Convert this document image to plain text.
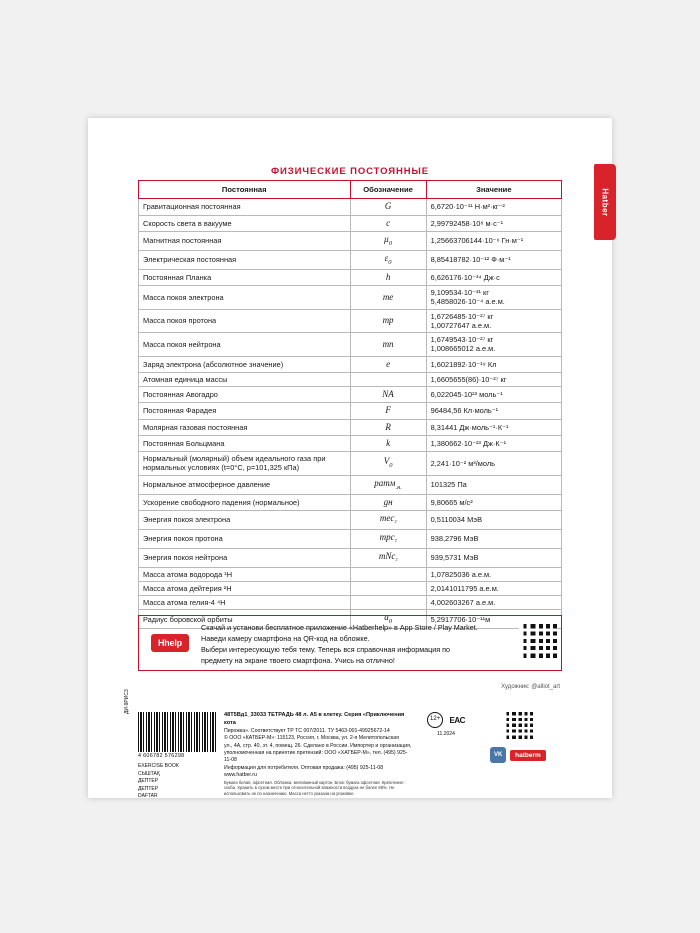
Hatber
ФИЗИЧЕСКИЕ ПОСТОЯННЫЕ
Постоянная	Обозначение	Значение
Гравитационная постоянная	G	6,6720·10⁻¹¹ Н·м²·кг⁻²

Скорость света в вакууме	c	2,99792458·10⁸ м·с⁻¹

Магнитная постоянная	$\mu_0$	1,25663706144·10⁻⁶ Гн·м⁻¹

Электрическая постоянная	$\varepsilon_0$	8,85418782·10⁻¹² Ф·м⁻¹

Постоянная Планка	h	6,626176·10⁻³⁴ Дж·с

Масса покоя электрона	me	9,109534·10⁻³¹ кг
5,4858026·10⁻⁴ а.е.м.

Масса покоя протона	mp	1,6726485·10⁻²⁷ кг
1,00727647 а.е.м.

Масса покоя нейтрона	mn	1,6749543·10⁻²⁷ кг
1,008665012 а.е.м.

Заряд электрона (абсолютное значение)	e	1,6021892·10⁻¹⁹ Кл

Атомная единица массы		1,6605655(86)·10⁻²⁷ кг

Постоянная Авогадро	NA	6,022045·10²³ моль⁻¹

Постоянная Фарадея	F	96484,56 Кл·моль⁻¹

Молярная газовая постоянная	R	8,31441 Дж·моль⁻¹·К⁻¹

Постоянная Больцмана	k	1,380662·10⁻²³ Дж·К⁻¹

Нормальный (молярный) объем идеального газа при нормальных условиях (t=0°С, p=101,325 кПа)	$V_0$	2,241·10⁻² м³/моль

Нормальное атмосферное давление	pатм$_{.н.}$	101325 Па

Ускорение свободного падения (нормальное)	gн	9,80665 м/с²

Энергия покоя электрона	mec$_{^2}$	0,5110034 МэВ

Энергия покоя протона	mpc$_{^2}$	938,2796 МэВ

Энергия покоя нейтрона	mNc$_{^2}$	939,5731 МэВ

Масса атома водорода ¹Н		1,07825036 а.е.м.

Масса атома дейтерия ²Н		2,0141011795 а.е.м.

Масса атома гелия-4 ⁴Н		4,002603267 а.е.м.

Радиус боровской орбиты	$a_0$	5,2917706·10⁻¹¹м
Hhelp
Скачай и установи бесплатное приложение «Hatberhelp» в App Store / Play Market.
Наведи камеру смартфона на QR-код на обложке.
Выбери интересующую тебя тему. Теперь вся справочная информация по
предмету на экране твоего смартфона. Учись на отлично!
Художник: @alliot_art
ДИ-9РИС3
4 606782 576298
EXERCISE BOOK
СЫШТАҚ
ДЕПТЕР
ДЕПТЕР
DAFTAR
48Т5Вд1_33033 ТЕТРАДЬ 48 л. А5 в клетку. Серия «Приключения кота
Пирожка». Соответствует ТР ТС 007/2011. ТУ 5463-001-49925672-14
© ООО «КАТБЕР-М»: 115123, Россия, г. Москва, ул. 2-я Мелитопольская
ул., 4А, стр. 40, эт. 4, помещ. 26. Сделано в России. Импортер и организация,
уполномоченная на принятие претензий: ООО «ХАТБЕР-М», тел. (495) 925-11-08
Информация для потребителя. Оптовая продажа: (495) 925-11-08 www.hatber.ru
Бумага белая, офсетная. Обложка: мелованный картон. Блок: бумага офсетная. Крепление: скоба. Хранить в сухом месте при относительной влажности воздуха не более 65%. Не использовать не по назначению. Массa нетто указана на упаковке.
12+ EAC
11.2024
VK	hatberm
